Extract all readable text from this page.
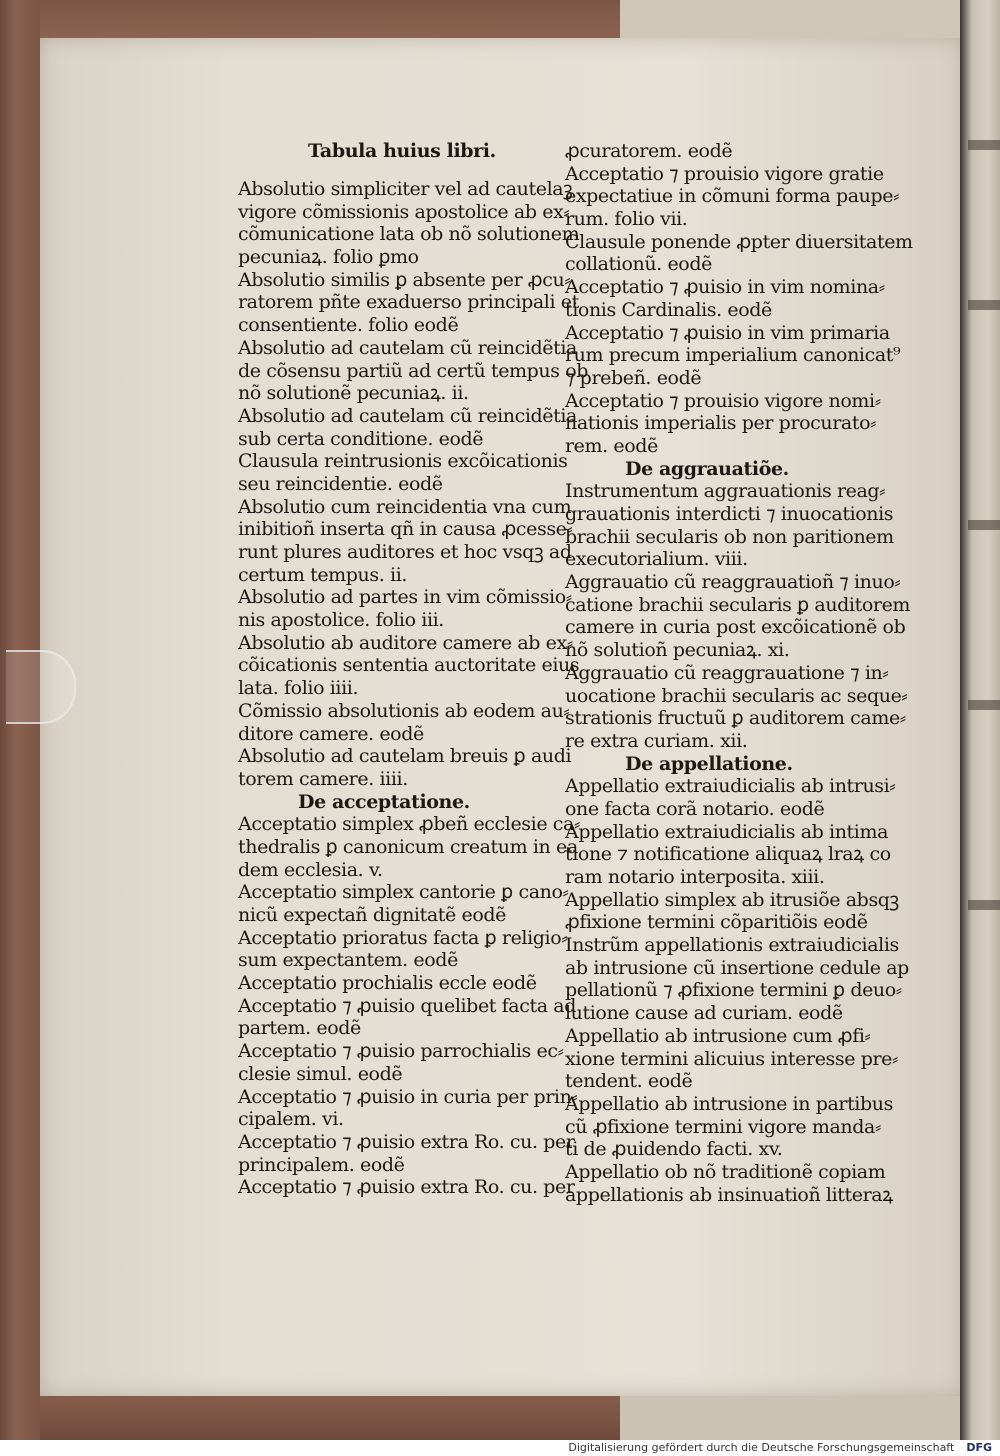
Tabula huius libri.
Absolutio simpliciter vel ad cautelaꝫ
vigore cõmissionis apostolice ab ex⸗
cõmunicatione lata ob nõ solutionem
pecuniaꝝ. folio ꝑmo
Absolutio similis ꝑ absente per ꝓcu⸗
ratorem pñte exaduerso principali et
consentiente. folio eodẽ
Absolutio ad cautelam cũ reincidẽtia
de cõsensu partiũ ad certũ tempus ob
nõ solutionẽ pecuniaꝝ. ii.
Absolutio ad cautelam cũ reincidẽtia
sub certa conditione. eodẽ
Clausula reintrusionis excõicationis
seu reincidentie. eodẽ
Absolutio cum reincidentia vna cum
inibitioñ inserta qñ in causa ꝓcesse⸗
runt plures auditores et hoc vsqꝫ ad
certum tempus. ii.
Absolutio ad partes in vim cõmissio⸗
nis apostolice. folio iii.
Absolutio ab auditore camere ab ex⸗
cõicationis sententia auctoritate eius
lata. folio iiii.
Cõmissio absolutionis ab eodem au⸗
ditore camere. eodẽ
Absolutio ad cautelam breuis ꝑ audi
torem camere. iiii.
De acceptatione.
Acceptatio simplex ꝓbeñ ecclesie ca⸗
thedralis ꝑ canonicum creatum in ea
dem ecclesia. v.
Acceptatio simplex cantorie ꝑ cano⸗
nicũ expectañ dignitatẽ eodẽ
Acceptatio prioratus facta ꝑ religio⸗
sum expectantem. eodẽ
Acceptatio prochialis eccle eodẽ
Acceptatio ⁊ ꝓuisio quelibet facta ad
partem. eodẽ
Acceptatio ⁊ ꝓuisio parrochialis ec⸗
clesie simul. eodẽ
Acceptatio ⁊ ꝓuisio in curia per prin⸗
cipalem. vi.
Acceptatio ⁊ ꝓuisio extra Ro. cu. per
principalem. eodẽ
Acceptatio ⁊ ꝓuisio extra Ro. cu. per
ꝓcuratorem. eodẽ
Acceptatio ⁊ prouisio vigore gratie
expectatiue in cõmuni forma paupe⸗
rum. folio vii.
Clausule ponende ꝓpter diuersitatem
collationũ. eodẽ
Acceptatio ⁊ ꝓuisio in vim nomina⸗
tionis Cardinalis. eodẽ
Acceptatio ⁊ ꝓuisio in vim primaria
rum precum imperialium canonicat⁹
⁊ prebeñ. eodẽ
Acceptatio ⁊ prouisio vigore nomi⸗
nationis imperialis per procurato⸗
rem. eodẽ
De aggrauatiõe.
Instrumentum aggrauationis reag⸗
grauationis interdicti ⁊ inuocationis
brachii secularis ob non paritionem
executorialium. viii.
Aggrauatio cũ reaggrauatioñ ⁊ inuo⸗
catione brachii secularis ꝑ auditorem
camere in curia post excõicationẽ ob
nõ solutioñ pecuniaꝝ. xi.
Aggrauatio cũ reaggrauatione ⁊ in⸗
uocatione brachii secularis ac seque⸗
strationis fructuũ ꝑ auditorem came⸗
re extra curiam. xii.
De appellatione.
Appellatio extraiudicialis ab intrusi⸗
one facta corã notario. eodẽ
Appellatio extraiudicialis ab intima
tione ⁊ notificatione aliquaꝝ lraꝝ co
ram notario interposita. xiii.
Appellatio simplex ab itrusiõe absqꝫ
ꝓfixione termini cõparitiõis eodẽ
Instrũm appellationis extraiudicialis
ab intrusione cũ insertione cedule ap
pellationũ ⁊ ꝓfixione termini ꝑ deuo⸗
lutione cause ad curiam. eodẽ
Appellatio ab intrusione cum ꝓfi⸗
xione termini alicuius interesse pre⸗
tendent. eodẽ
Appellatio ab intrusione in partibus
cũ ꝓfixione termini vigore manda⸗
ti de ꝓuidendo facti. xv.
Appellatio ob nõ traditionẽ copiam
appellationis ab insinuatioñ litteraꝝ
Digitalisierung gefördert durch die Deutsche Forschungsgemeinschaft DFG
